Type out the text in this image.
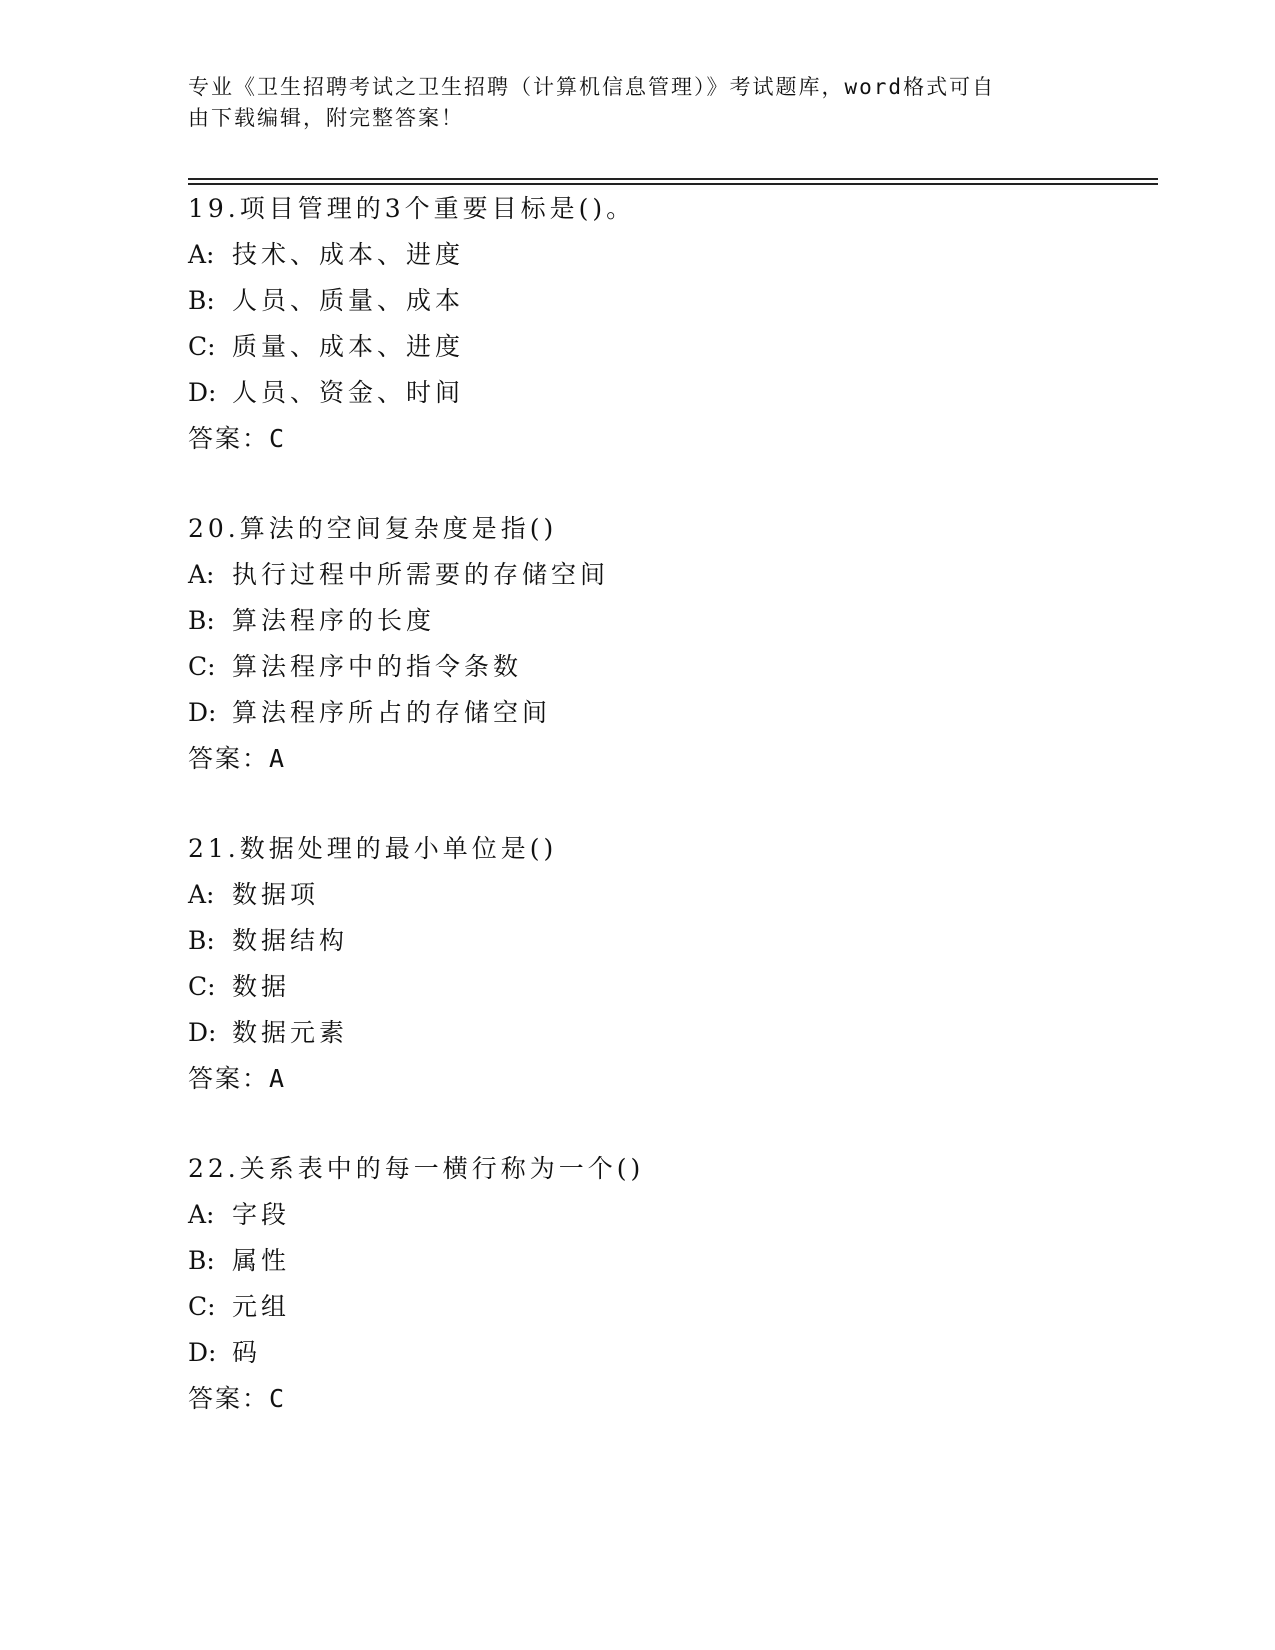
专业《卫生招聘考试之卫生招聘（计算机信息管理）》考试题库，word格式可自
由下载编辑，附完整答案！
19.项目管理的3个重要目标是()。
A: 技术、成本、进度
B: 人员、质量、成本
C: 质量、成本、进度
D: 人员、资金、时间
答案：C
20.算法的空间复杂度是指()
A: 执行过程中所需要的存储空间
B: 算法程序的长度
C: 算法程序中的指令条数
D: 算法程序所占的存储空间
答案：A
21.数据处理的最小单位是()
A: 数据项
B: 数据结构
C: 数据
D: 数据元素
答案：A
22.关系表中的每一横行称为一个()
A: 字段
B: 属性
C: 元组
D: 码
答案：C
